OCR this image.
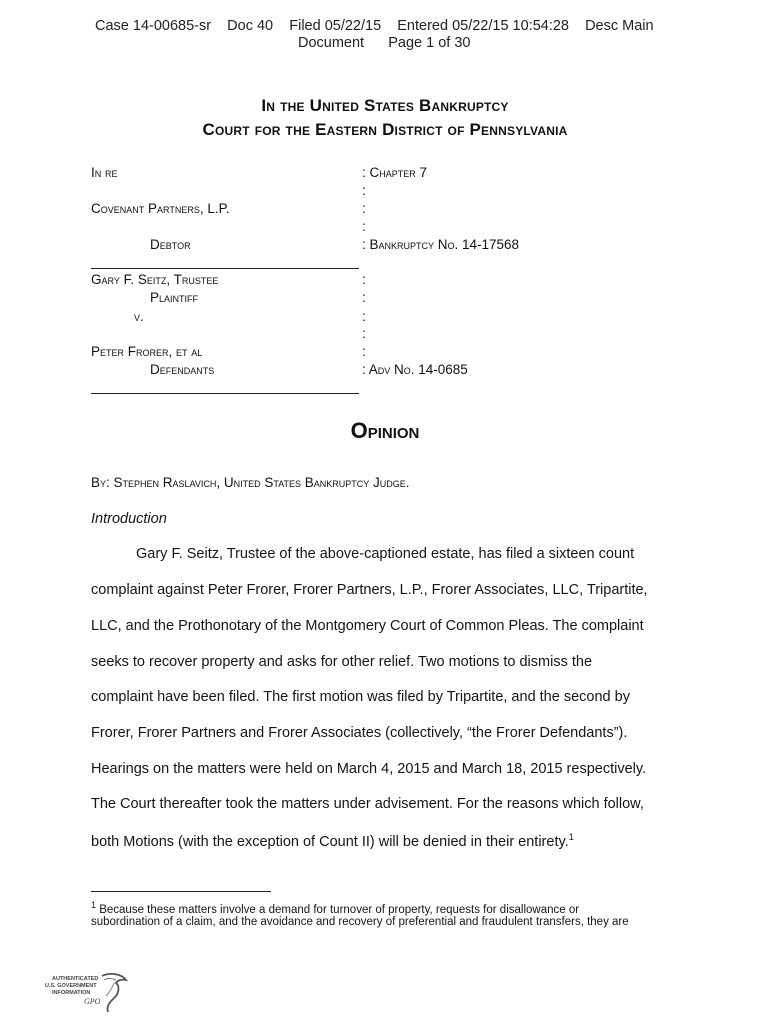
Case 14-00685-sr    Doc 40    Filed 05/22/15    Entered 05/22/15 10:54:28    Desc Main
Document      Page 1 of 30
In the United States Bankruptcy
Court for the Eastern District of Pennsylvania
In re
Covenant Partners, L.P.
Debtor
Gary F. Seitz, Trustee
Plaintiff
v.
Peter Frorer, et al
Defendants
: Chapter 7
:
:
:
: Bankruptcy No. 14-17568
:
:
:
:
:
: Adv No. 14-0685
Opinion
By: Stephen Raslavich, United States Bankruptcy Judge.
Introduction
Gary F. Seitz, Trustee of the above-captioned estate, has filed a sixteen count
complaint against Peter Frorer, Frorer Partners, L.P., Frorer Associates, LLC, Tripartite,
LLC, and the Prothonotary of the Montgomery Court of Common Pleas. The complaint
seeks to recover property and asks for other relief. Two motions to dismiss the
complaint have been filed. The first motion was filed by Tripartite, and the second by
Frorer, Frorer Partners and Frorer Associates (collectively, “the Frorer Defendants”).
Hearings on the matters were held on March 4, 2015 and March 18, 2015 respectively.
The Court thereafter took the matters under advisement. For the reasons which follow,
both Motions (with the exception of Count II) will be denied in their entirety.$^1$
$^1$ Because these matters involve a demand for turnover of property, requests for disallowance or
subordination of a claim, and the avoidance and recovery of preferential and fraudulent transfers, they are
AUTHENTICATED
U.S. GOVERNMENT
INFORMATION
GPO
